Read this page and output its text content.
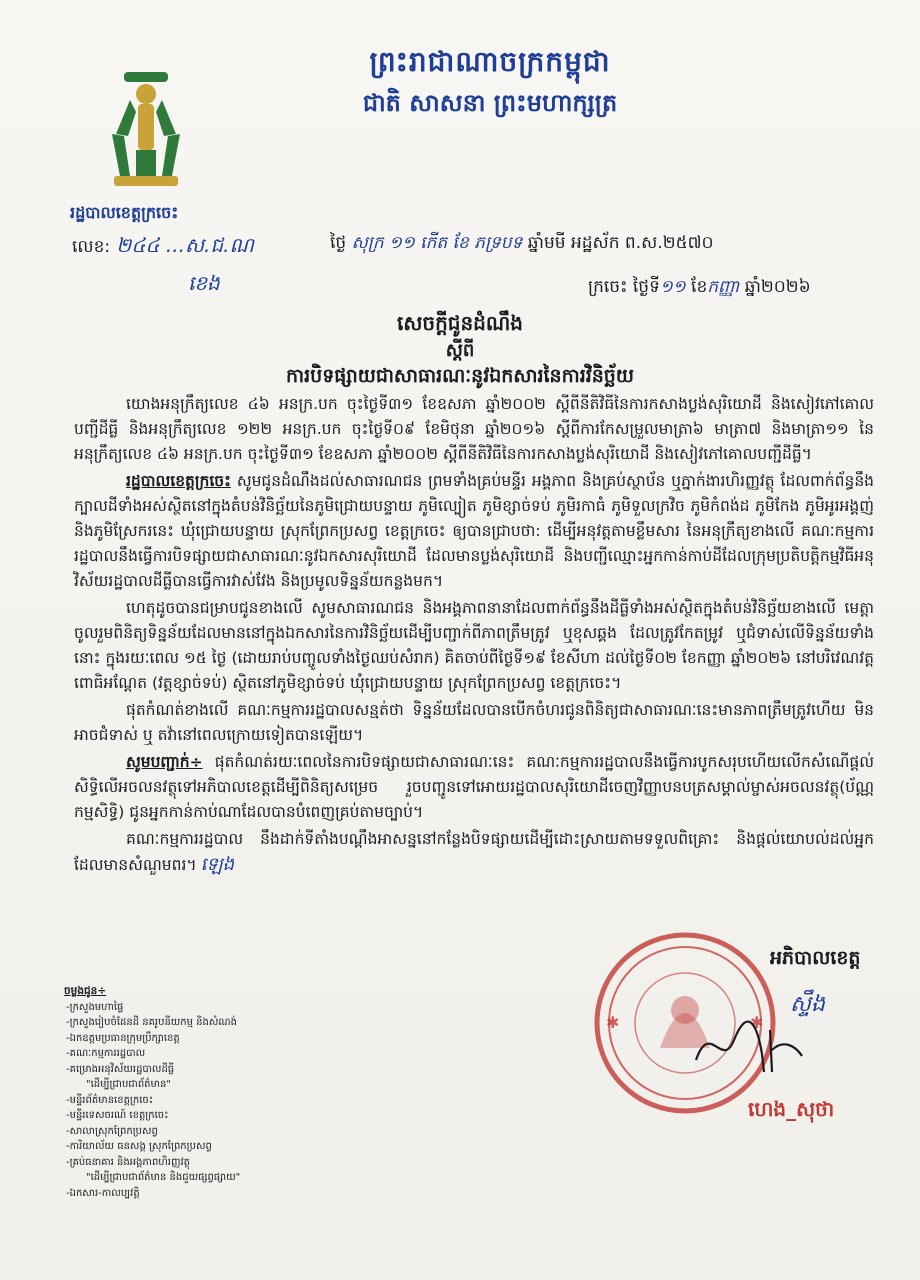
ព្រះរាជាណាចក្រកម្ពុជា
ជាតិ សាសនា ព្រះមហាក្សត្រ
រដ្ឋបាលខេត្តក្រចេះ
លេខ: ២៤៤ ...ស.ជ.ណ
ខេង
ថ្ងៃ សុក្រ ១១ កើត ខែ ភទ្របទ ឆ្នាំមមី អដ្ឋស័ក ព.ស.២៥៧០
ក្រចេះ ថ្ងៃទី១១ ខែកញ្ញា ឆ្នាំ២០២៦
សេចក្ដីជូនដំណឹង
ស្ដីពី
ការបិទផ្សាយជាសាធារណៈនូវឯកសារនៃការវិនិច្ឆ័យ

យោងអនុក្រឹត្យលេខ ៤៦ អនក្រ.បក ចុះថ្ងៃទី៣១ ខែឧសភា ឆ្នាំ២០០២ ស្ដីពីនីតិវិធីនៃការកសាងប្លង់សុរិយោដី និងសៀវភៅគោលបញ្ជីដីធ្លី និងអនុក្រឹត្យលេខ ១២២ អនក្រ.បក ចុះថ្ងៃទី០៩ ខែមិថុនា ឆ្នាំ២០១៦ ស្ដីពីការកែសម្រួលមាត្រា៦ មាត្រា៧ និងមាត្រា១១ នៃអនុក្រឹត្យលេខ ៤៦ អនក្រ.បក ចុះថ្ងៃទី៣១ ខែឧសភា ឆ្នាំ២០០២ ស្ដីពីនីតិវិធីនៃការកសាងប្លង់សុរិយោដី និងសៀវភៅគោលបញ្ជីដីធ្លី។

រដ្ឋបាលខេត្តក្រចេះ សូមជូនដំណឹងដល់សាធារណជន ព្រមទាំងគ្រប់មន្ទីរ អង្គភាព និងគ្រប់ស្ថាប័ន ឬភ្នាក់ងារហិរញ្ញវត្ថុ ដែលពាក់ព័ន្ធនឹងក្បាលដីទាំងអស់ស្ថិតនៅក្នុងតំបន់វិនិច្ឆ័យនៃភូមិជ្រោយបន្ទាយ ភូមិល្បៀត ភូមិខ្សាច់ទប់ ភូមិរកាធំ ភូមិទួលក្រវិច ភូមិកំពង់ដ ភូមិកែង ភូមិអូរអង្គញ់ និងភូមិស្រែករនេះ ឃុំជ្រោយបន្ទាយ ស្រុកព្រែកប្រសព្វ ខេត្តក្រចេះ ឲ្យបានជ្រាបថា: ដើម្បីអនុវត្តតាមខ្លឹមសារ នៃអនុក្រឹត្យខាងលើ គណៈកម្មការរដ្ឋបាលនឹងធ្វើការបិទផ្សាយជាសាធារណៈនូវឯកសារសុរិយោដី ដែលមានប្លង់សុរិយោដី និងបញ្ជីឈ្មោះអ្នកកាន់កាប់ដីដែលក្រុមប្រតិបត្តិកម្មវិធីអនុវិស័យរដ្ឋបាលដីធ្លីបានធ្វើការវាស់វែង និងប្រមូលទិន្នន័យកន្លងមក។

ហេតុដូចបានជម្រាបជូនខាងលើ សូមសាធារណជន និងអង្គភាពនានាដែលពាក់ព័ន្ធនឹងដីធ្លីទាំងអស់ស្ថិតក្នុងតំបន់វិនិច្ឆ័យខាងលើ មេត្តាចូលរួមពិនិត្យទិន្នន័យដែលមាននៅក្នុងឯកសារនៃការវិនិច្ឆ័យដើម្បីបញ្ជាក់ពីភាពត្រឹមត្រូវ ឬខុសឆ្គង ដែលត្រូវកែតម្រូវ ឬជំទាស់លើទិន្នន័យទាំងនោះ ក្នុងរយៈពេល ១៥ ថ្ងៃ (ដោយរាប់បញ្ចូលទាំងថ្ងៃឈប់សំរាក) គិតចាប់ពីថ្ងៃទី១៩ ខែសីហា ដល់ថ្ងៃទី០២ ខែកញ្ញា ឆ្នាំ២០២៦ នៅបរិវេណវត្តពោធិអណ្ដែត (វត្តខ្សាច់ទប់) ស្ថិតនៅភូមិខ្សាច់ទប់ ឃុំជ្រោយបន្ទាយ ស្រុកព្រែកប្រសព្វ ខេត្តក្រចេះ។

ផុតកំណត់ខាងលើ គណៈកម្មការរដ្ឋបាលសន្មត់ថា ទិន្នន័យដែលបានបើកចំហរជូនពិនិត្យជាសាធារណៈនេះមានភាពត្រឹមត្រូវហើយ មិនអាចជំទាស់ ឬ តវ៉ានៅពេលក្រោយទៀតបានឡើយ។

សូមបញ្ជាក់÷ ផុតកំណត់រយៈពេលនៃការបិទផ្សាយជាសាធារណៈនេះ គណៈកម្មការរដ្ឋបាលនឹងធ្វើការបូកសរុបហើយលើកសំណើផ្ដល់សិទ្ធិលើអចលនវត្ថុទៅអភិបាលខេត្តដើម្បីពិនិត្យសម្រេច រួចបញ្ជូនទៅអោយរដ្ឋបាលសុរិយោដីចេញវិញ្ញាបនបត្រសម្គាល់ម្ចាស់អចលនវត្ថុ(ប័ណ្ណកម្មសិទ្ធិ) ជូនអ្នកកាន់កាប់ណាដែលបានបំពេញគ្រប់តាមច្បាប់។

គណៈកម្មការរដ្ឋបាល នឹងដាក់ទីតាំងបណ្ដឹងអាសន្ននៅកន្លែងបិទផ្សាយដើម្បីដោះស្រាយតាមទទួលពិគ្រោះ និងផ្ដល់យោបល់ដល់អ្នកដែលមានសំណួមពរ។ ឡេង

ចម្លងជូន÷
-ក្រសួងមហាផ្ទៃ
-ក្រសួងរៀបចំដែនដី នគរូបនីយកម្ម និងសំណង់
-ឯកឧត្ដមប្រធានក្រុមប្រឹក្សាខេត្ត
-គណៈកម្មការរដ្ឋបាល
-គម្រោងអនុវិស័យរដ្ឋបាលដីធ្លី
"ដើម្បីជ្រាបជាព័ត៌មាន"
-មន្ទីរព័ត៌មានខេត្តក្រចេះ
-មន្ទីរទេសចរណ៍ ខេត្តក្រចេះ
-សាលាស្រុកព្រែកប្រសព្វ
-ការិយាល័យ ធនសង្គ ស្រុកព្រែកប្រសព្វ
-គ្រប់ធនាគារ និងអង្គភាពហិរញ្ញវត្ថុ
"ដើម្បីជ្រាបជាព័ត៌មាន និងជួយផ្សព្វផ្សាយ"
-ឯកសារ-កាលប្បវត្តិ
✱	✱
អភិបាលខេត្ត
ស្ទឹង
ហេង_សុថា
